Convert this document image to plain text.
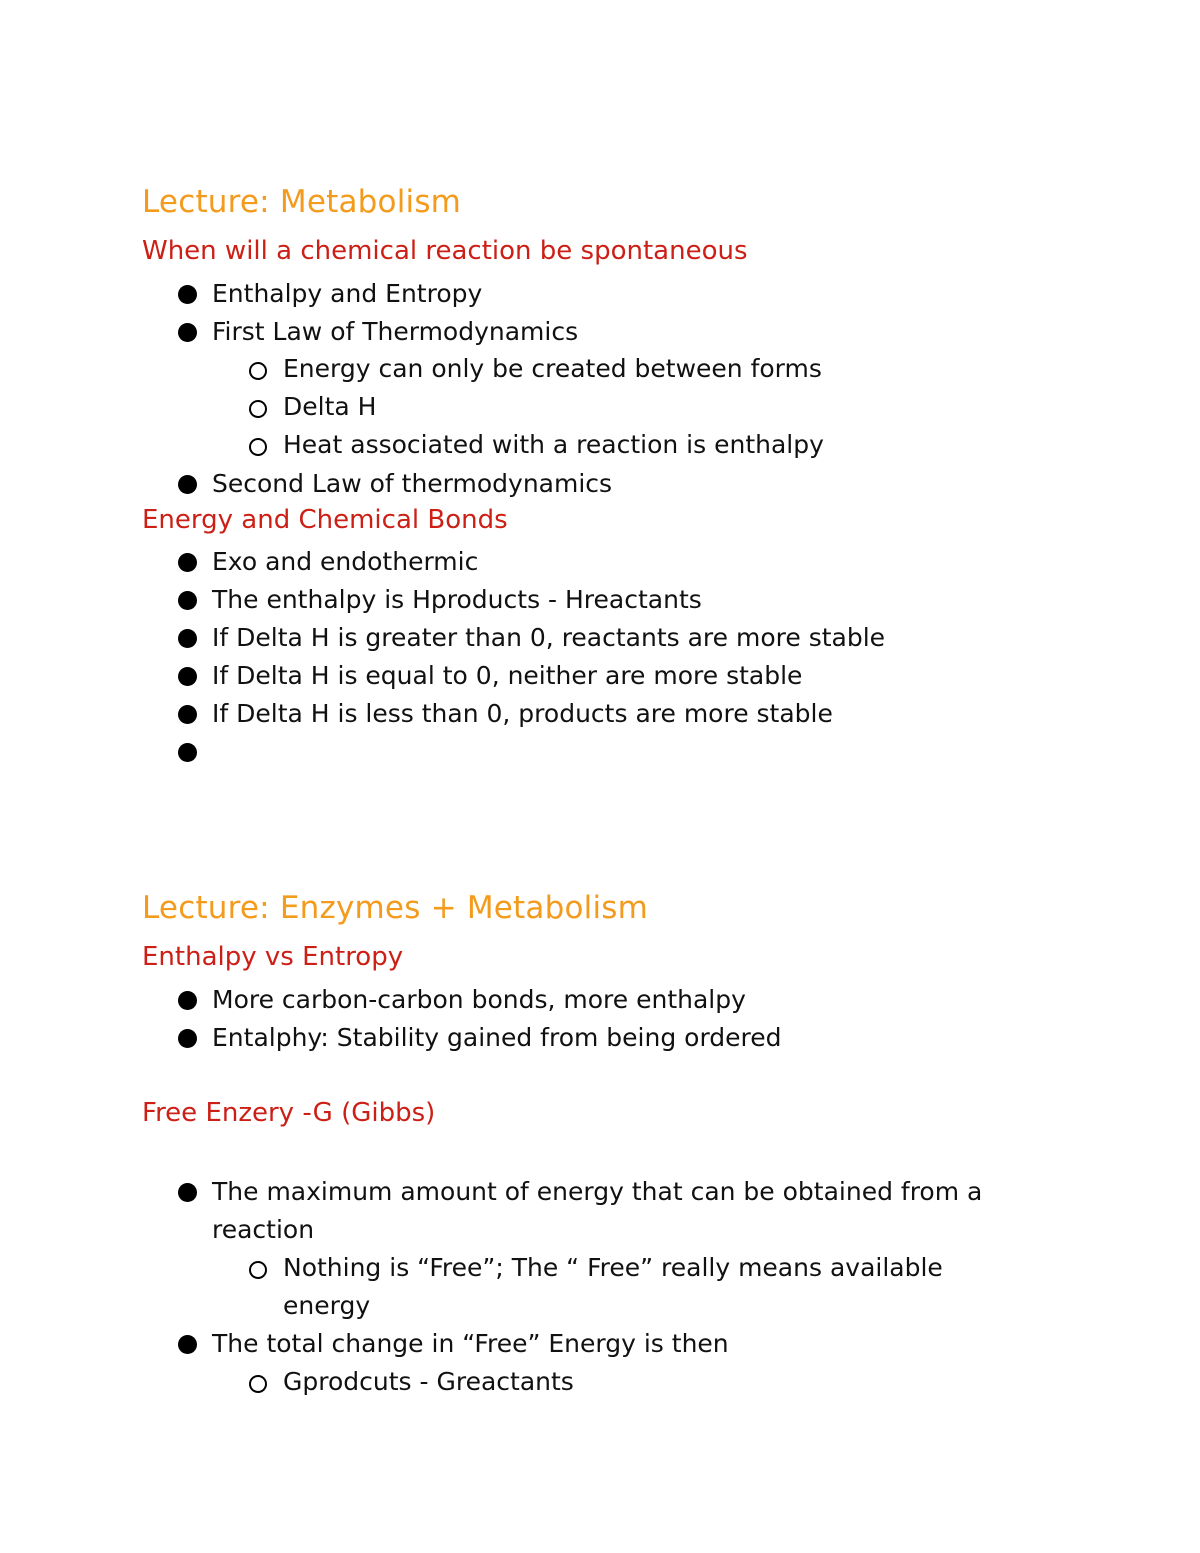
Lecture: Metabolism
When will a chemical reaction be spontaneous
Enthalpy and Entropy
First Law of Thermodynamics
Energy can only be created between forms
Delta H
Heat associated with a reaction is enthalpy
Second Law of thermodynamics
Energy and Chemical Bonds
Exo and endothermic
The enthalpy is Hproducts - Hreactants
If Delta H is greater than 0, reactants are more stable
If Delta H is equal to 0, neither are more stable
If Delta H is less than 0, products are more stable
Lecture: Enzymes + Metabolism
Enthalpy vs Entropy
More carbon-carbon bonds, more enthalpy
Entalphy: Stability gained from being ordered
Free Enzery -G (Gibbs)
The maximum amount of energy that can be obtained from a
reaction
Nothing is “Free”; The “ Free” really means available
energy
The total change in “Free” Energy is then
Gprodcuts - Greactants
